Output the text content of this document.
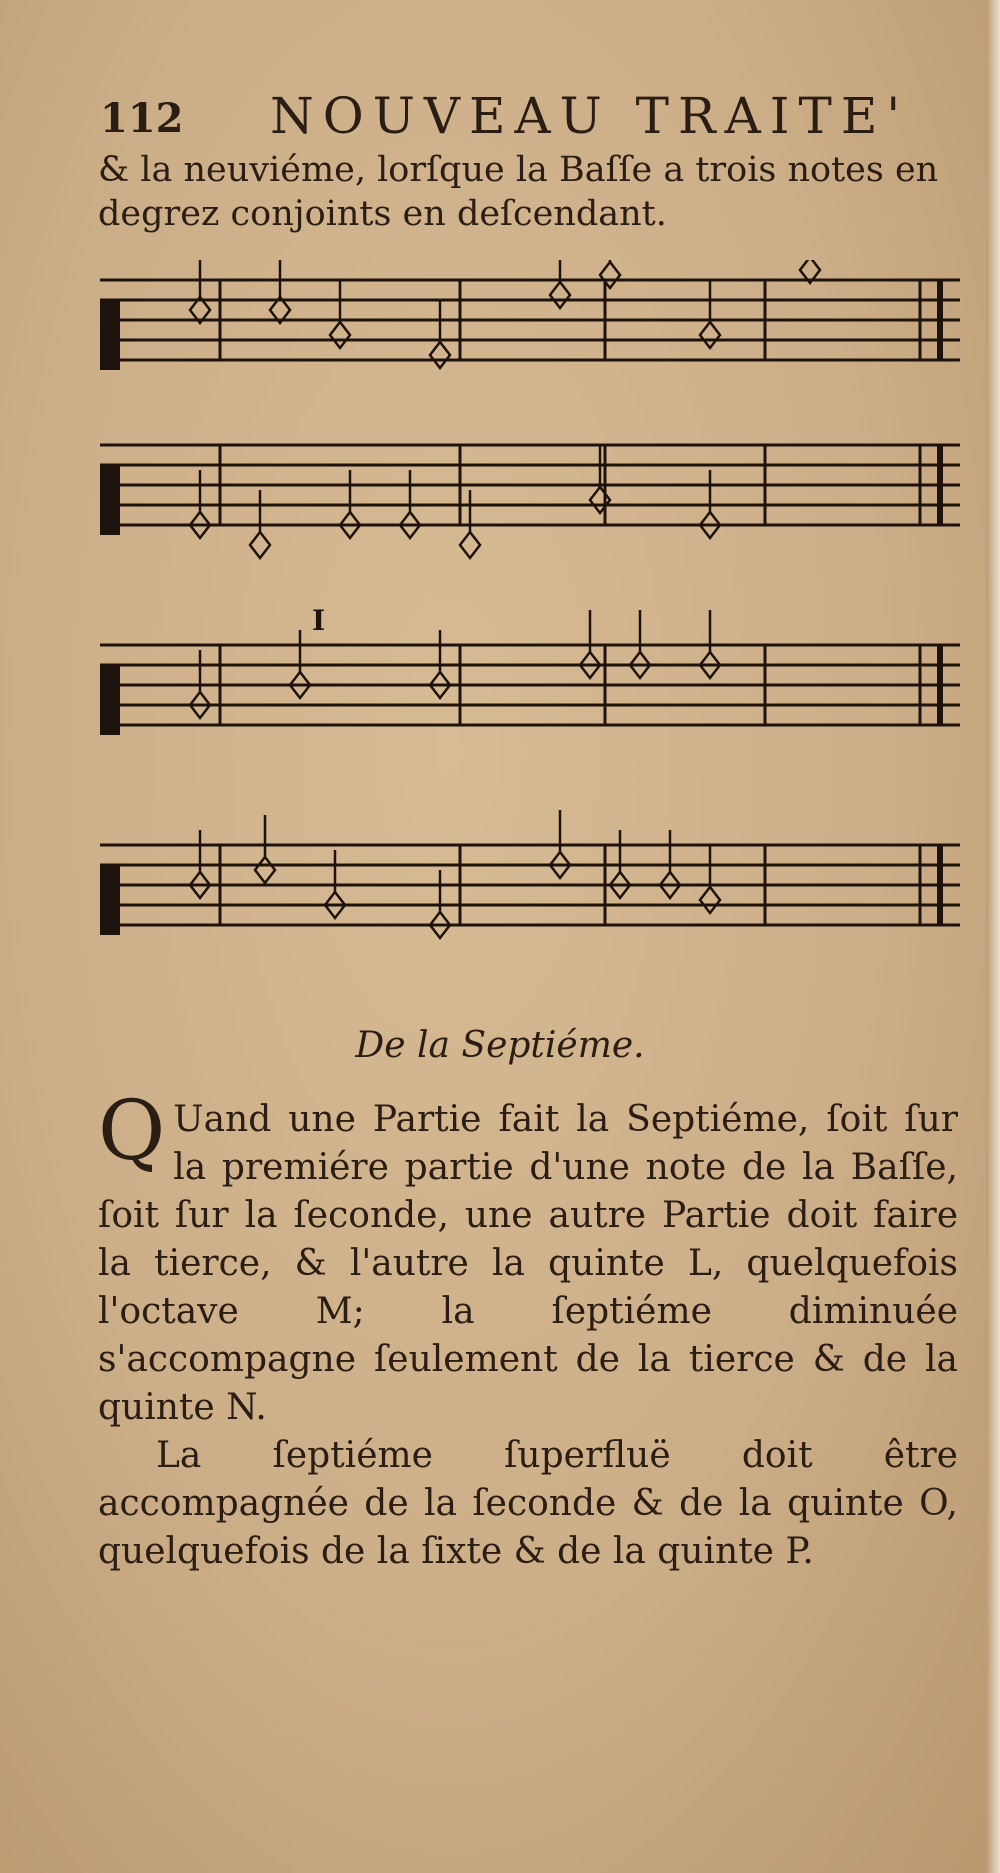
112 NOUVEAU TRAITE'

& la neuviéme, lorſque la Baſſe a trois notes en

degrez conjoints en deſcendant.

I
De la Septiéme.

Q Uand une Partie fait la Septiéme, ſoit ſur la premiére partie d'une note de la Baſſe, ſoit ſur la ſeconde, une autre Partie doit faire la tierce, & l'autre la quinte L, quelquefois l'octave M; la ſeptiéme diminuée s'accompagne ſeulement de la tierce & de la quinte N.

La ſeptiéme ſuperfluë doit être accompagnée de la ſeconde & de la quinte O, quelquefois de la ſixte & de la quinte P.
